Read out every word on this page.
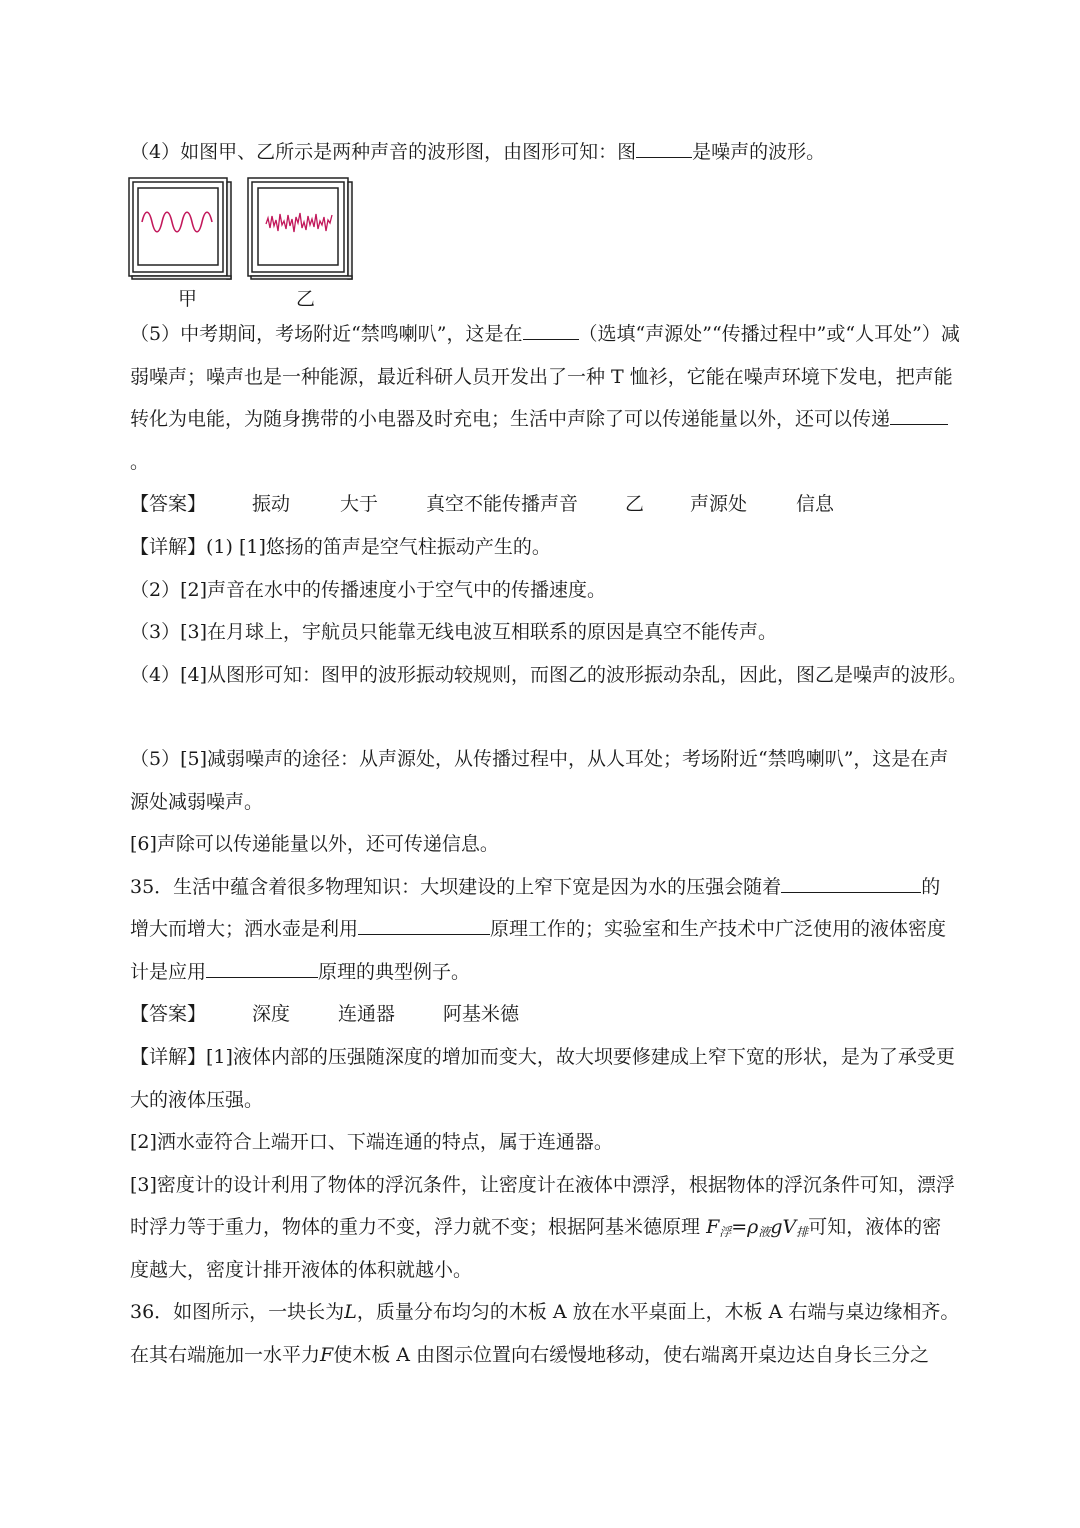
（4）如图甲、乙所示是两种声音的波形图，由图形可知：图	是噪声的波形。
甲	乙
（5）中考期间，考场附近“禁鸣喇叭”，这是在	（选填“声源处”“传播过程中”或“人耳处”）减
弱噪声；噪声也是一种能源，最近科研人员开发出了一种 T 恤衫，它能在噪声环境下发电，把声能
转化为电能，为随身携带的小电器及时充电；生活中声除了可以传递能量以外，还可以传递
。
【答案】 振动	大于	真空不能传播声音 乙 声源处	信息
【详解】(1) [1]悠扬的笛声是空气柱振动产生的。
（2）[2]声音在水中的传播速度小于空气中的传播速度。
（3）[3]在月球上，宇航员只能靠无线电波互相联系的原因是真空不能传声。
（4）[4]从图形可知：图甲的波形振动较规则，而图乙的波形振动杂乱，因此，图乙是噪声的波形。
（5）[5]减弱噪声的途径：从声源处，从传播过程中，从人耳处；考场附近“禁鸣喇叭”，这是在声
源处减弱噪声。
[6]声除可以传递能量以外，还可传递信息。
35．生活中蕴含着很多物理知识：大坝建设的上窄下宽是因为水的压强会随着	的
增大而增大；洒水壶是利用	原理工作的；实验室和生产技术中广泛使用的液体密度
计是应用	原理的典型例子。
【答案】 深度	连通器	阿基米德
【详解】[1]液体内部的压强随深度的增加而变大，故大坝要修建成上窄下宽的形状，是为了承受更
大的液体压强。
[2]洒水壶符合上端开口、下端连通的特点，属于连通器。
[3]密度计的设计利用了物体的浮沉条件，让密度计在液体中漂浮，根据物体的浮沉条件可知，漂浮
时浮力等于重力，物体的重力不变，浮力就不变；根据阿基米德原理 $F_浮=\rho_液gV_排$可知，液体的密
度越大，密度计排开液体的体积就越小。
36．如图所示，一块长为L，质量分布均匀的木板 A 放在水平桌面上，木板 A 右端与桌边缘相齐。
在其右端施加一水平力F使木板 A 由图示位置向右缓慢地移动，使右端离开桌边达自身长三分之
